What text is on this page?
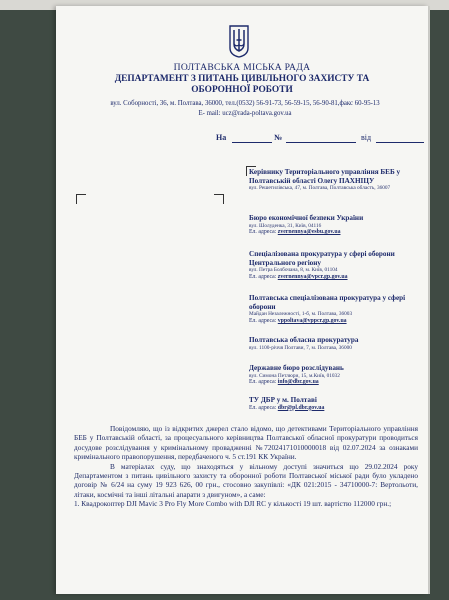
ПОЛТАВСЬКА МІСЬКА РАДА
ДЕПАРТАМЕНТ З ПИТАНЬ ЦИВІЛЬНОГО ЗАХИСТУ ТА
ОБОРОННОЇ РОБОТИ
вул. Соборності, 36, м. Полтава, 36000, тел.(0532) 56-91-73, 56-59-15, 56-90-81,факс 60-95-13
E- mail: ucz@rada-poltava.gov.ua
На	№	від
Керівнику Територіального управління БЕБ у Полтавській області Олегу ПАХНІЦУ
вул. Решетилівська, 47, м. Полтава, Полтавська область, 36007
Бюро економічної безпеки України
вул. Шолуденка, 31, Київ, 04116
Ел. адреса: zvernennya@esbu.gov.ua
Спеціалізована прокуратура у сфері оборони Центрального регіону
вул. Петра Болбочана, 8, м. Київ, 01104
Ел. адреса: zvernennya@vpcr.gp.gov.ua
Полтавська спеціалізована прокуратура у сфері оборони
Майдан Незалежності, 1-б, м. Полтава, 36003
Ел. адреса: vppoltava@vppcr.gp.gov.ua
Полтавська обласна прокуратура
вул. 1100-річчя Полтави, 7, м. Полтава, 36000
Державне бюро розслідувань
вул. Симона Петлюри, 15, м.Київ, 01032
Ел. адреса: info@dbr.gov.ua
ТУ ДБР у м. Полтаві
Ел. адреса: dbr@pl.dbr.gov.ua

Повідомляю, що із відкритих джерел стало відомо, що детективами Територіального управління БЕБ у Полтавській області, за процесуального керівництва Полтавської обласної прокуратури проводиться досудове розслідування у кримінальному провадженні №72024171010000018 від 02.07.2024 за ознаками кримінального правопорушення, передбаченого ч. 5 ст.191 КК України.

В матеріалах суду, що знаходяться у вільному доступі значиться що 29.02.2024 року Департаментом з питань цивільного захисту та оборонної роботи Полтавської міської ради було укладено договір № 6/24 на суму 19 923 626, 00 грн., стосовно закупівлі: «ДК 021:2015 - 34710000-7: Вертольоти, літаки, космічні та інші літальні апарати з двигуном», а саме:

1. Квадрокоптер DJI Mavic 3 Pro Fly More Combo with DJI RC у кількості 19 шт. вартістю 112000 грн.;
